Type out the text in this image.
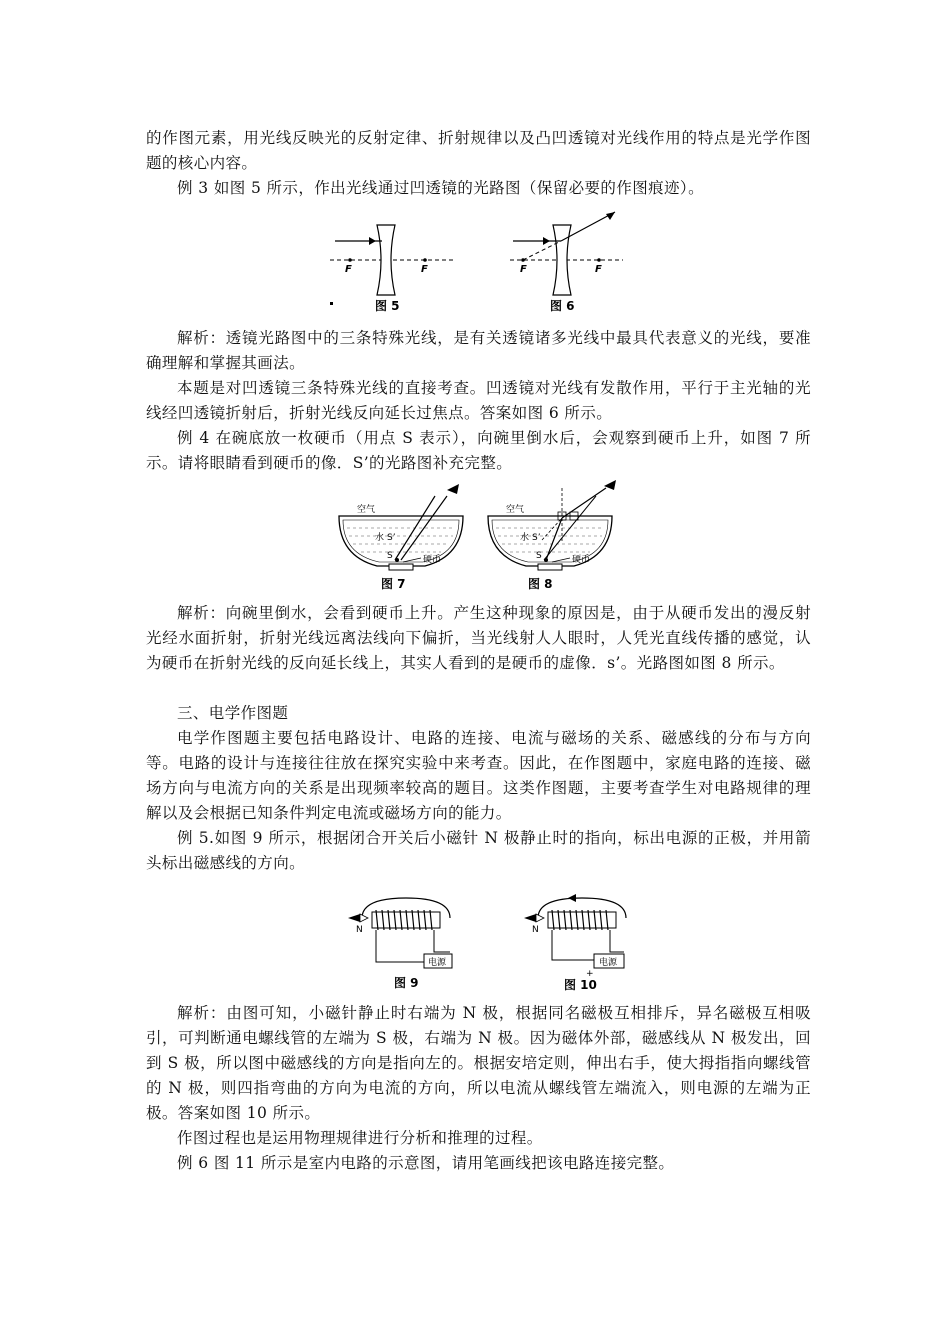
的作图元素，用光线反映光的反射定律、折射规律以及凸凹透镜对光线作用的特点是光学作图题的核心内容。

例 3 如图 5 所示，作出光线通过凹透镜的光路图（保留必要的作图痕迹）。

F	F
图 5
F	F
图 6

解析：透镜光路图中的三条特殊光线，是有关透镜诸多光线中最具代表意义的光线，要准确理解和掌握其画法。

本题是对凹透镜三条特殊光线的直接考查。凹透镜对光线有发散作用，平行于主光轴的光线经凹透镜折射后，折射光线反向延长过焦点。答案如图 6 所示。

例 4 在碗底放一枚硬币（用点 S 表示），向碗里倒水后，会观察到硬币上升，如图 7 所示。请将眼睛看到硬币的像．S’的光路图补充完整。

空气
水 S’
S	硬币
图 7
空气
水 S’
S	硬币
图 8

解析：向碗里倒水，会看到硬币上升。产生这种现象的原因是，由于从硬币发出的漫反射光经水面折射，折射光线远离法线向下偏折，当光线射人人眼时，人凭光直线传播的感觉，认为硬币在折射光线的反向延长线上，其实人看到的是硬币的虚像．s’。光路图如图 8 所示。

三、电学作图题

电学作图题主要包括电路设计、电路的连接、电流与磁场的关系、磁感线的分布与方向等。电路的设计与连接往往放在探究实验中来考查。因此，在作图题中，家庭电路的连接、磁场方向与电流方向的关系是出现频率较高的题目。这类作图题，主要考查学生对电路规律的理解以及会根据已知条件判定电流或磁场方向的能力。

例 5.如图 9 所示，根据闭合开关后小磁针 N 极静止时的指向，标出电源的正极，并用箭头标出磁感线的方向。

电源
N
图 9
电源
+
N
图 10

解析：由图可知，小磁针静止时右端为 N 极，根据同名磁极互相排斥，异名磁极互相吸引，可判断通电螺线管的左端为 S 极，右端为 N 极。因为磁体外部，磁感线从 N 极发出，回到 S 极，所以图中磁感线的方向是指向左的。根据安培定则，伸出右手，使大拇指指向螺线管的 N 极，则四指弯曲的方向为电流的方向，所以电流从螺线管左端流入，则电源的左端为正极。答案如图 10 所示。

作图过程也是运用物理规律进行分析和推理的过程。

例 6 图 11 所示是室内电路的示意图，请用笔画线把该电路连接完整。
